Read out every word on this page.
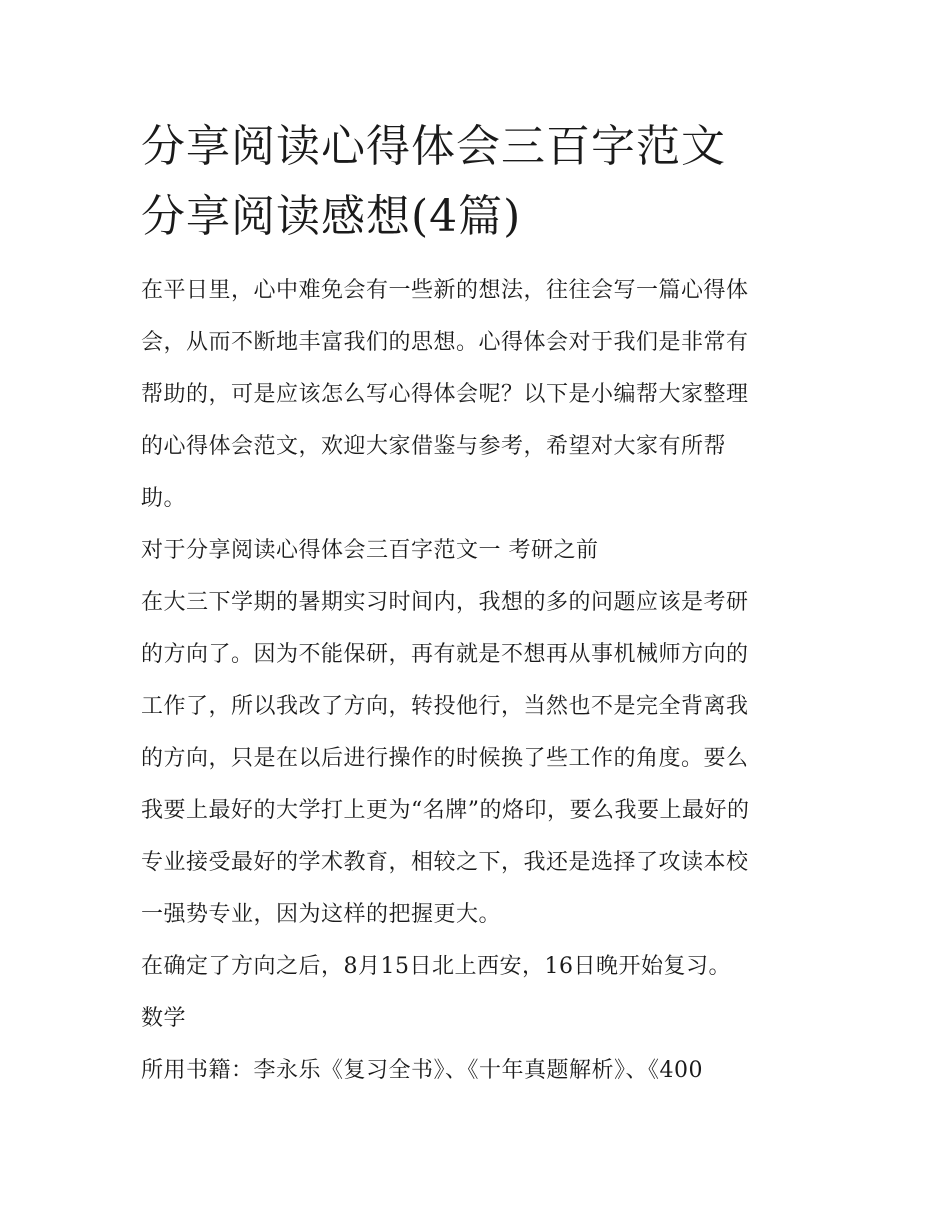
分享阅读心得体会三百字范文
分享阅读感想(4篇)

在平日里，心中难免会有一些新的想法，往往会写一篇心得体
会，从而不断地丰富我们的思想。心得体会对于我们是非常有
帮助的，可是应该怎么写心得体会呢？以下是小编帮大家整理
的心得体会范文，欢迎大家借鉴与参考，希望对大家有所帮
助。

对于分享阅读心得体会三百字范文一 考研之前

在大三下学期的暑期实习时间内，我想的多的问题应该是考研
的方向了。因为不能保研，再有就是不想再从事机械师方向的
工作了，所以我改了方向，转投他行，当然也不是完全背离我
的方向，只是在以后进行操作的时候换了些工作的角度。要么
我要上最好的大学打上更为“名牌”的烙印，要么我要上最好的
专业接受最好的学术教育，相较之下，我还是选择了攻读本校
一强势专业，因为这样的把握更大。

在确定了方向之后，8月15日北上西安，16日晚开始复习。

数学

所用书籍：李永乐《复习全书》、《十年真题解析》、《400
